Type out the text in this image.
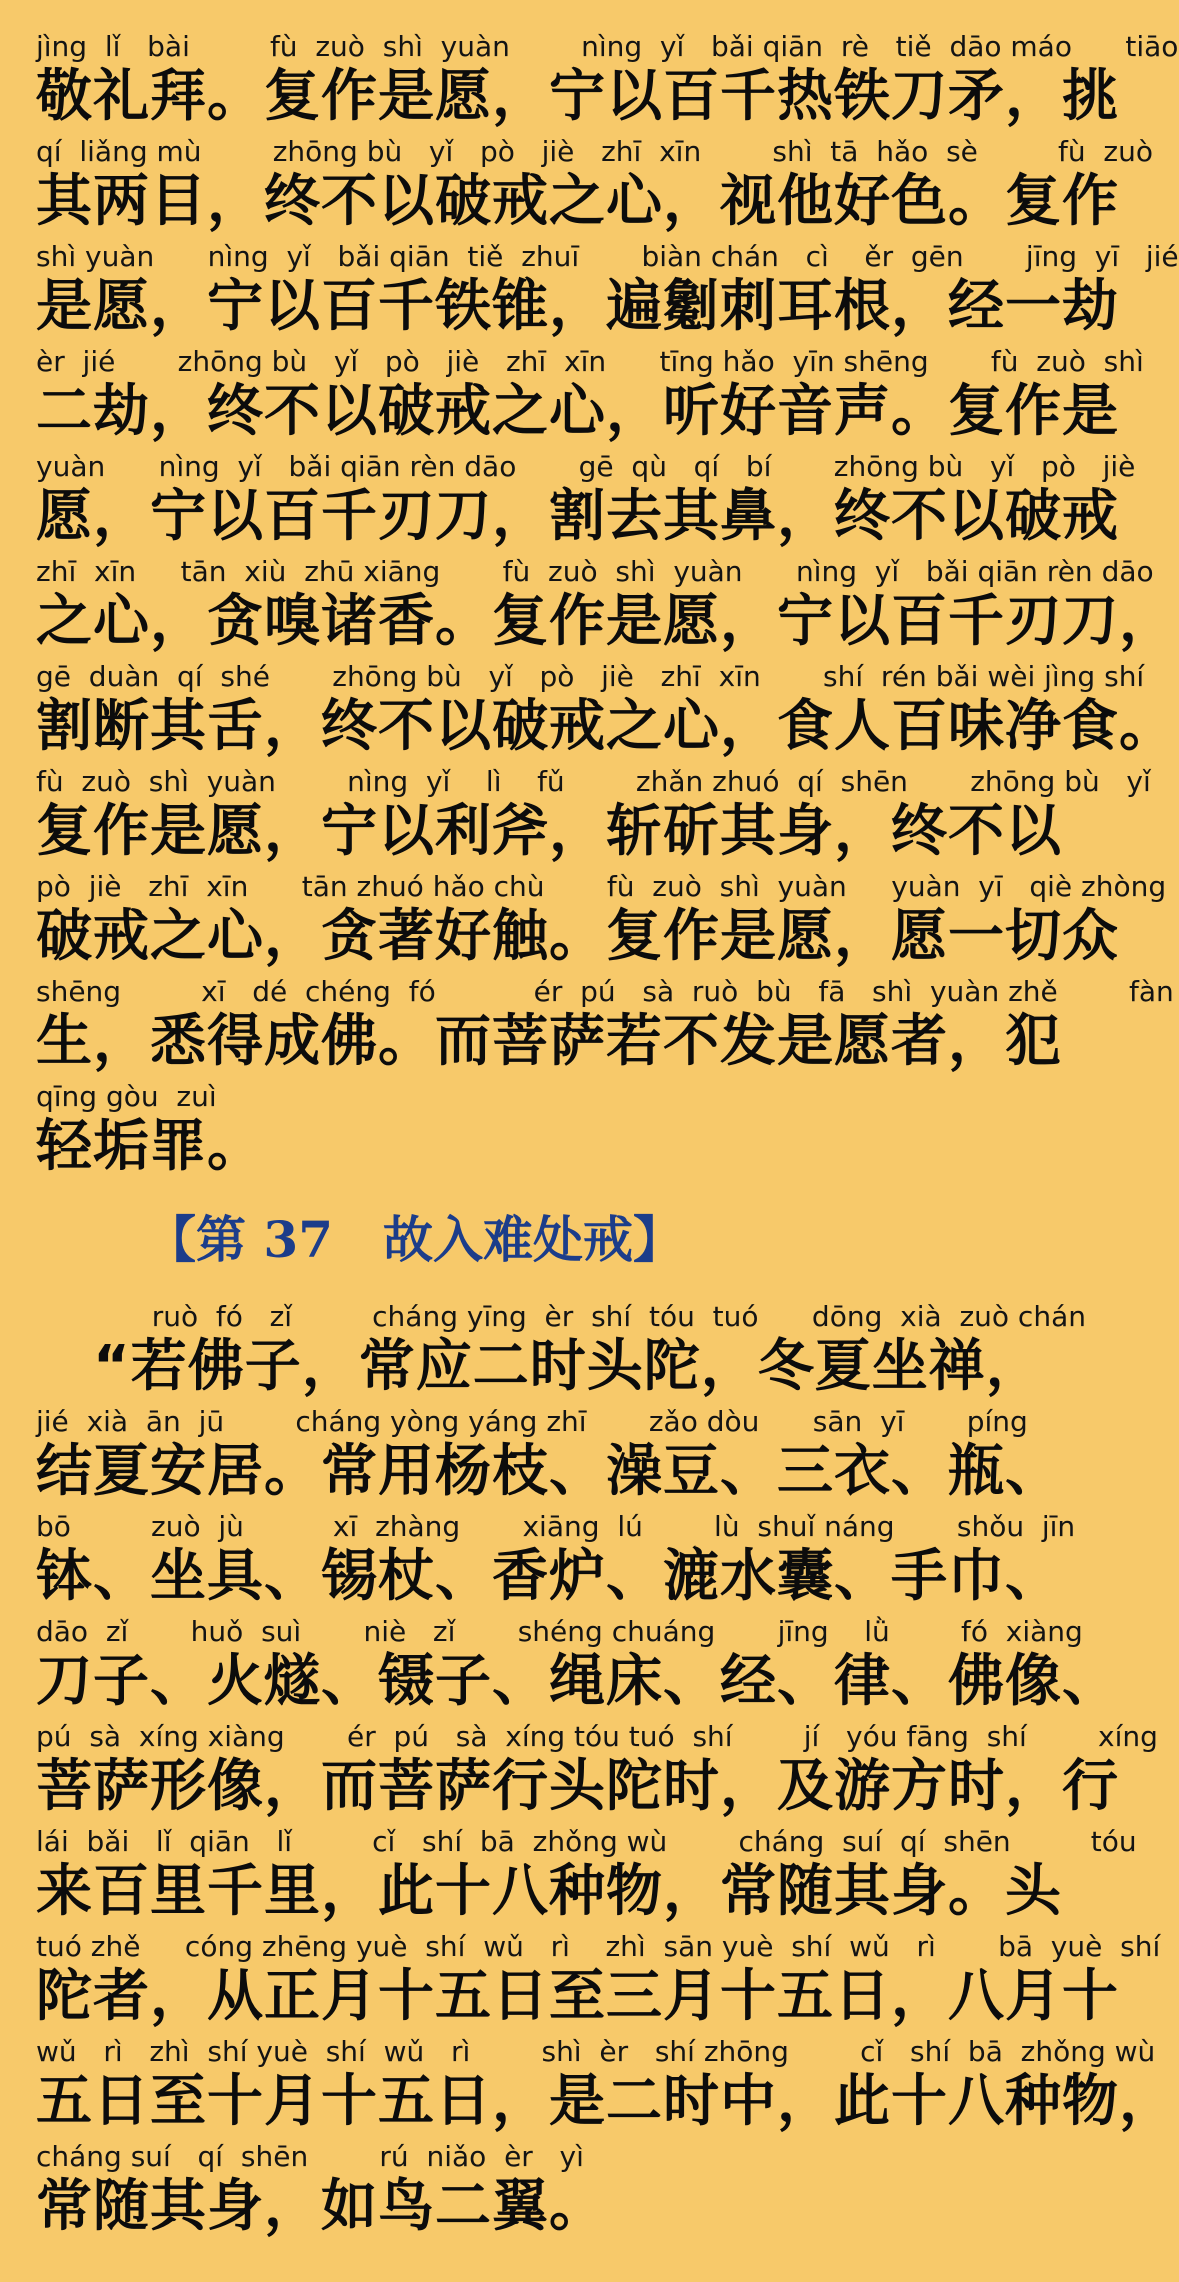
jìng  lǐ   bài         fù  zuò  shì  yuàn        nìng  yǐ   bǎi qiān  rè   tiě  dāo máo      tiāo
敬礼拜。复作是愿，宁以百千热铁刀矛，挑
qí  liǎng mù        zhōng bù   yǐ   pò   jiè   zhī  xīn        shì  tā  hǎo  sè         fù  zuò
其两目，终不以破戒之心，视他好色。复作
shì yuàn      nìng  yǐ   bǎi qiān  tiě  zhuī       biàn chán   cì    ěr  gēn       jīng  yī   jié
是愿，宁以百千铁锥，遍劖刺耳根，经一劫
èr  jié       zhōng bù   yǐ   pò   jiè   zhī  xīn      tīng hǎo  yīn shēng       fù  zuò  shì
二劫，终不以破戒之心，听好音声。复作是
yuàn      nìng  yǐ   bǎi qiān rèn dāo       gē  qù   qí   bí       zhōng bù   yǐ   pò   jiè
愿，宁以百千刃刀，割去其鼻，终不以破戒
zhī  xīn     tān  xiù  zhū xiāng       fù  zuò  shì  yuàn      nìng  yǐ   bǎi qiān rèn dāo
之心，贪嗅诸香。复作是愿，宁以百千刃刀，
gē  duàn  qí  shé       zhōng bù   yǐ   pò   jiè   zhī  xīn       shí  rén bǎi wèi jìng shí
割断其舌，终不以破戒之心，食人百味净食。
fù  zuò  shì  yuàn        nìng  yǐ    lì    fǔ        zhǎn zhuó  qí  shēn       zhōng bù   yǐ
复作是愿，宁以利斧，斩斫其身，终不以
pò  jiè   zhī  xīn      tān zhuó hǎo chù       fù  zuò  shì  yuàn     yuàn  yī   qiè zhòng
破戒之心，贪著好触。复作是愿，愿一切众
shēng         xī   dé  chéng  fó           ér  pú   sà  ruò  bù   fā   shì  yuàn zhě        fàn
生，悉得成佛。而菩萨若不发是愿者，犯
qīng gòu  zuì
轻垢罪。
【第 37　故入难处戒】
ruò  fó   zǐ         cháng yīng  èr  shí  tóu  tuó      dōng  xià  zuò chán
　“若佛子，常应二时头陀，冬夏坐禅，
jié  xià  ān  jū        cháng yòng yáng zhī       zǎo dòu      sān  yī       píng
结夏安居。常用杨枝、澡豆、三衣、瓶、
bō         zuò  jù          xī  zhàng       xiāng  lú        lù  shuǐ náng       shǒu  jīn
钵、坐具、锡杖、香炉、漉水囊、手巾、
dāo  zǐ       huǒ  suì       niè   zǐ       shéng chuáng       jīng    lǜ        fó  xiàng
刀子、火燧、镊子、绳床、经、律、佛像、
pú  sà  xíng xiàng       ér  pú   sà  xíng tóu tuó  shí        jí   yóu fāng  shí        xíng
菩萨形像，而菩萨行头陀时，及游方时，行
lái  bǎi   lǐ  qiān   lǐ         cǐ   shí  bā  zhǒng wù        cháng  suí  qí  shēn         tóu
来百里千里，此十八种物，常随其身。头
tuó zhě     cóng zhēng yuè  shí  wǔ   rì    zhì  sān yuè  shí  wǔ   rì       bā  yuè  shí
陀者，从正月十五日至三月十五日，八月十
wǔ   rì   zhì  shí yuè  shí  wǔ   rì        shì  èr   shí zhōng        cǐ   shí  bā  zhǒng wù
五日至十月十五日，是二时中，此十八种物，
cháng suí   qí  shēn        rú  niǎo  èr   yì
常随其身，如鸟二翼。
